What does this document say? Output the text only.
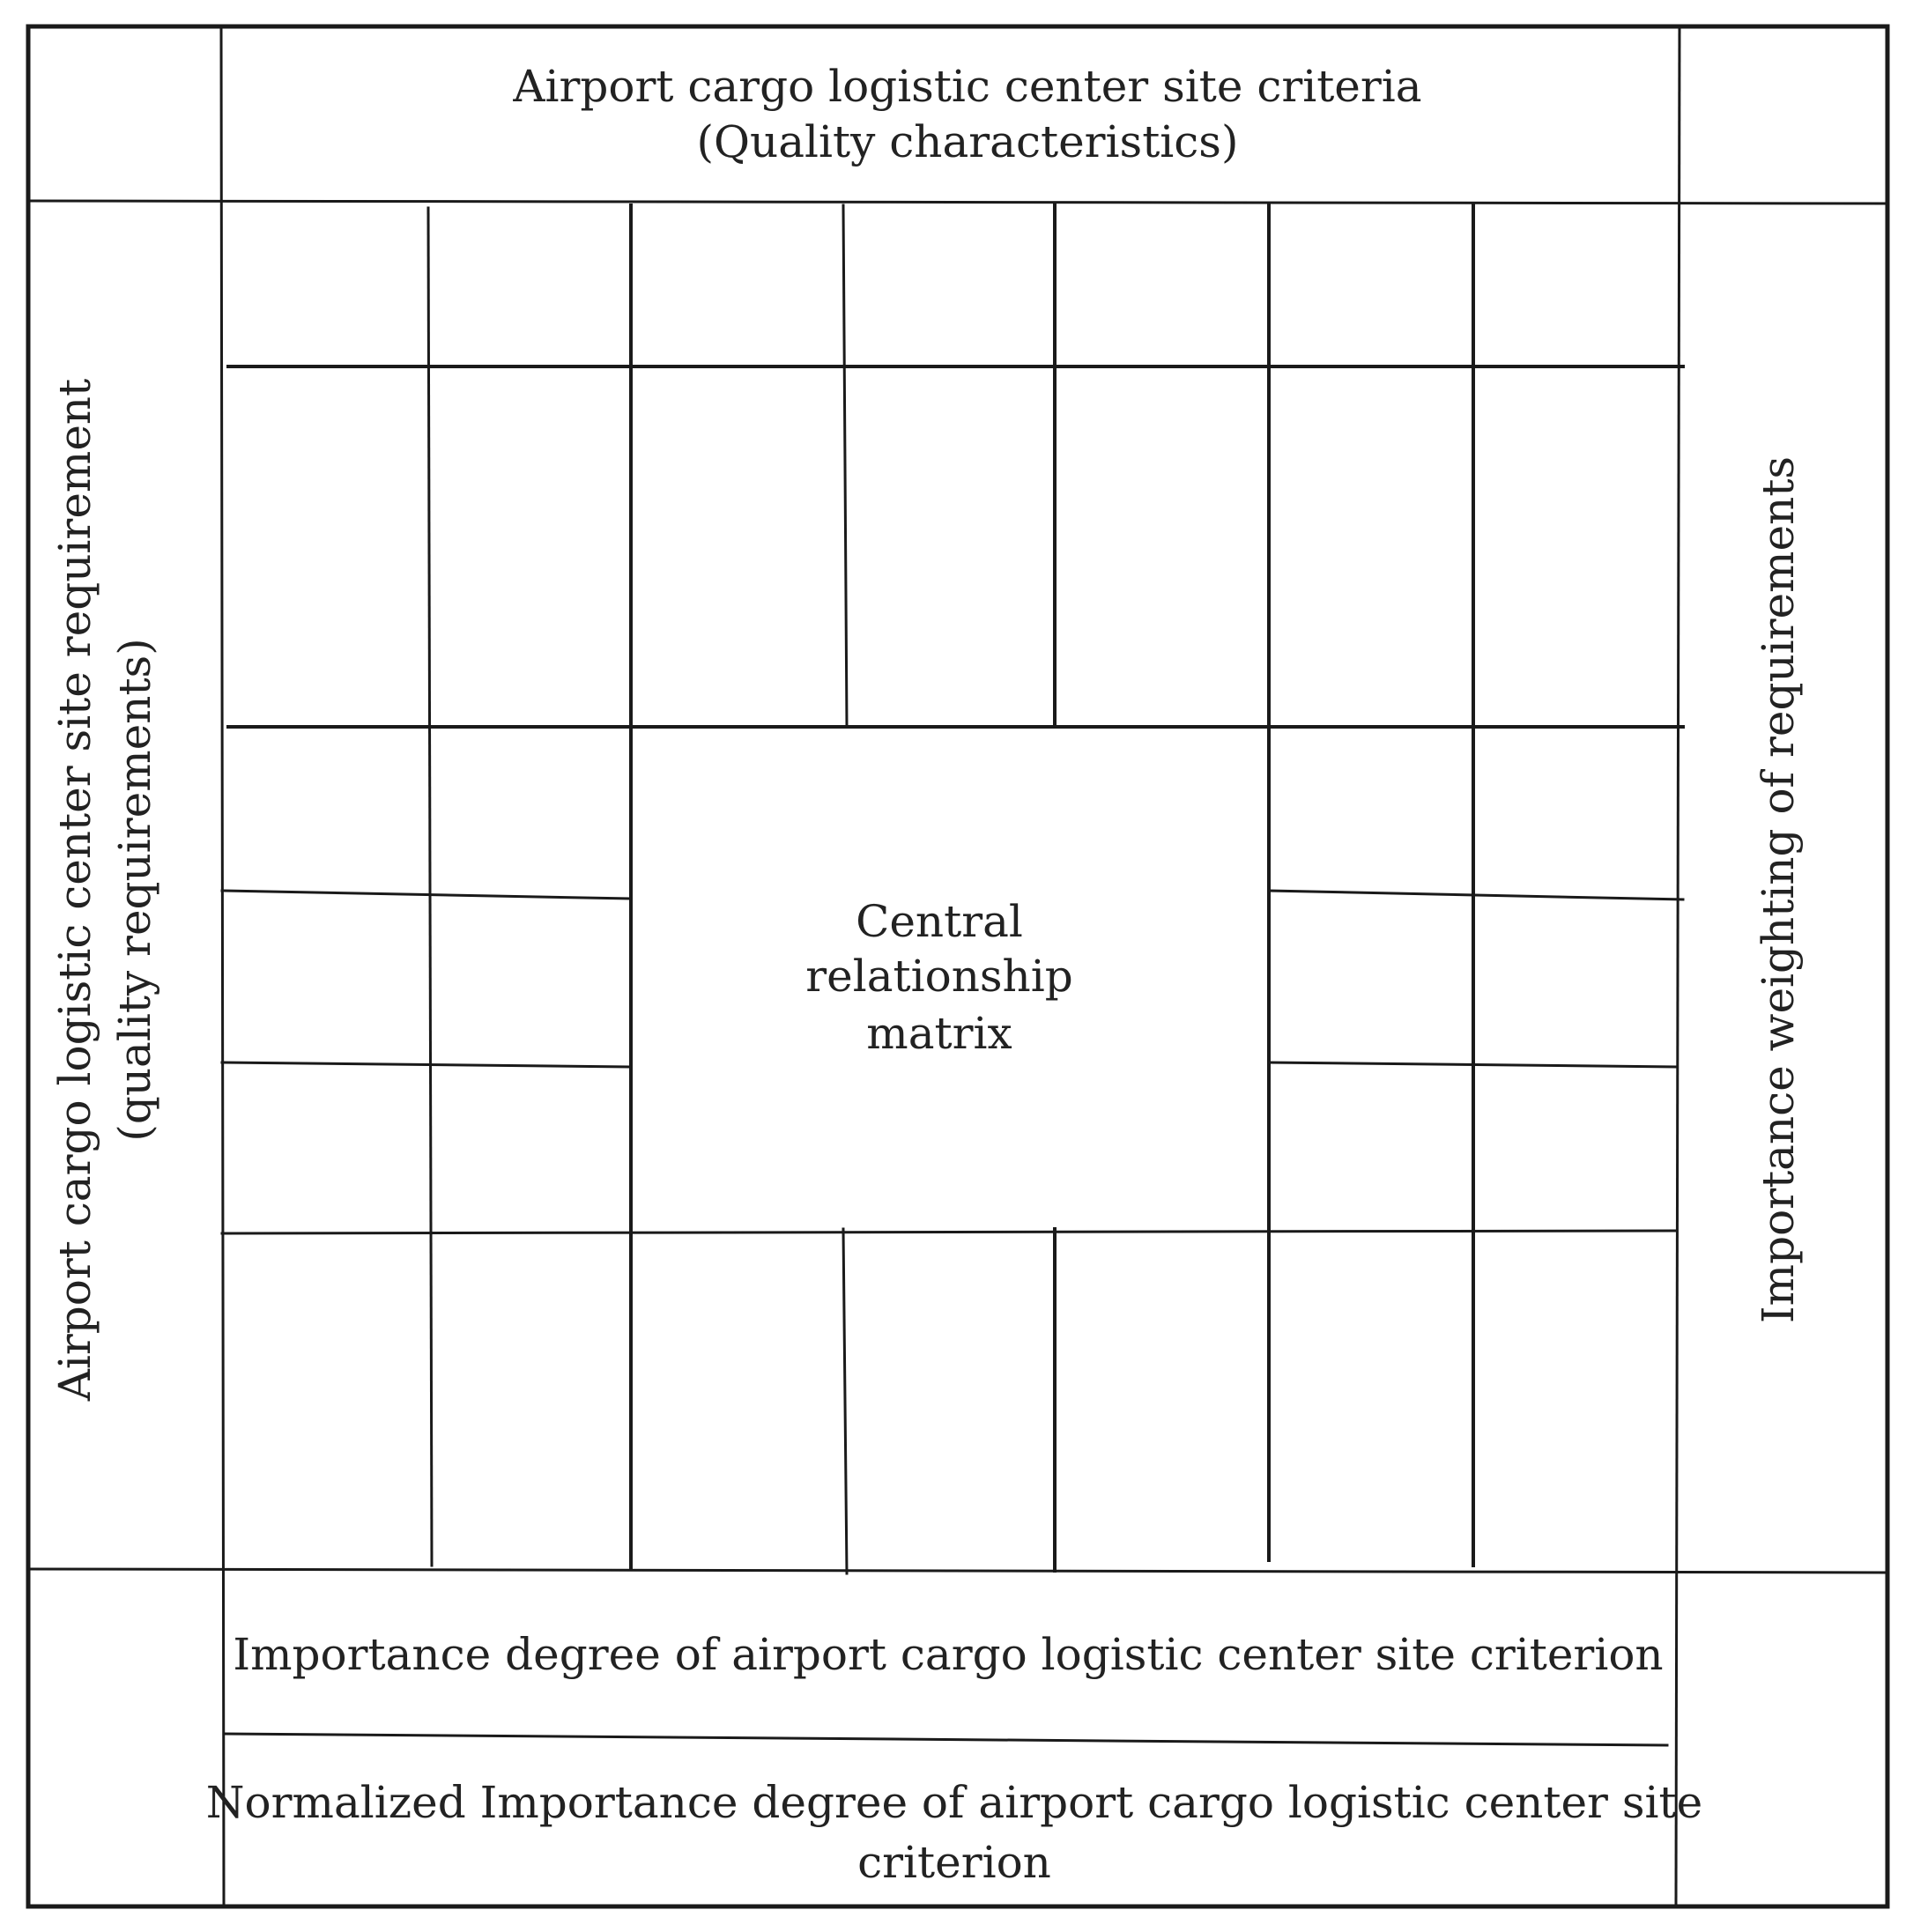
Airport cargo logistic center site criteria
(Quality characteristics)
Airport cargo logistic center site requirement (quality requirements)	Importance weighting of requirements
Central
relationship
matrix
Importance degree of airport cargo logistic center site criterion
Normalized Importance degree of airport cargo logistic center site
criterion
